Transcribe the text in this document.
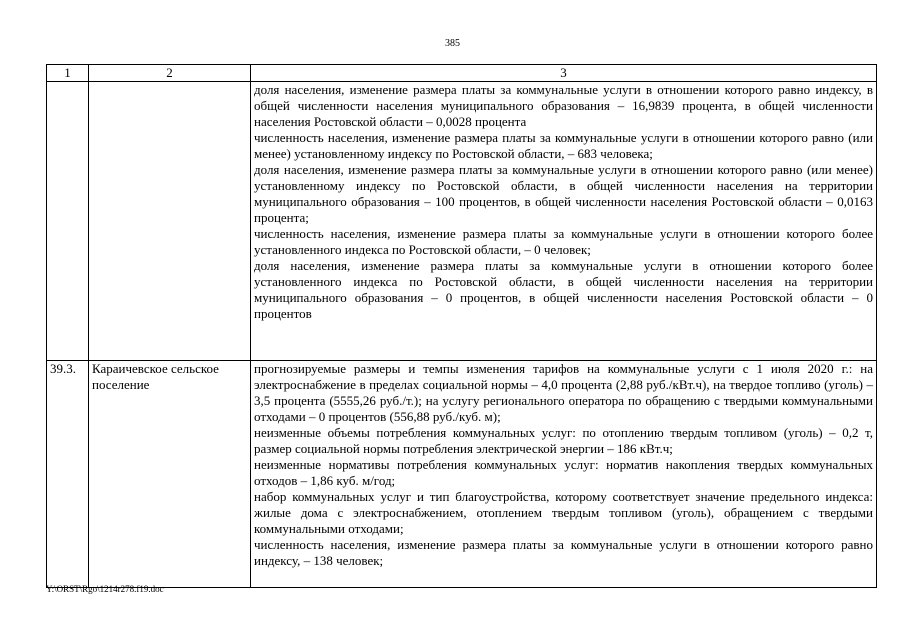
385
1	2	3

		доля населения, изменение размера платы за коммунальные услуги в отношении которого равно индексу, в общей численности населения муниципального образования – 16,9839 процента, в общей численности населения Ростовской области – 0,0028 процента
численность населения, изменение размера платы за коммунальные услуги в отношении которого равно (или менее) установленному индексу по Ростовской области, – 683 человека;
доля населения, изменение размера платы за коммунальные услуги в отношении которого равно (или менее) установленному индексу по Ростовской области, в общей численности населения на территории муниципального образования – 100 процентов, в общей численности населения Ростовской области – 0,0163 процента;
численность населения, изменение размера платы за коммунальные услуги в отношении которого более установленного индекса по Ростовской области, – 0 человек;
доля населения, изменение размера платы за коммунальные услуги в отношении которого более установленного индекса по Ростовской области, в общей численности населения на территории муниципального образования – 0 процентов, в общей численности населения Ростовской области – 0 процентов

39.3.	Караичевское сельское поселение	прогнозируемые размеры и темпы изменения тарифов на коммунальные услуги с 1 июля 2020 г.: на электроснабжение в пределах социальной нормы – 4,0 процента (2,88 руб./кВт.ч), на твердое топливо (уголь) – 3,5 процента (5555,26 руб./т.); на услугу регионального оператора по обращению с твердыми коммунальными отходами – 0 процентов (556,88 руб./куб. м);
неизменные объемы потребления коммунальных услуг: по отоплению твердым топливом (уголь) – 0,2 т, размер социальной нормы потребления электрической энергии – 186 кВт.ч;
неизменные нормативы потребления коммунальных услуг: норматив накопления твердых коммунальных отходов – 1,86 куб. м/год;
набор коммунальных услуг и тип благоустройства, которому соответствует значение предельного индекса: жилые дома с электроснабжением, отоплением твердым топливом (уголь), обращением с твердыми коммунальными отходами;
численность населения, изменение размера платы за коммунальные услуги в отношении которого равно индексу, – 138 человек;
Y:\ORST\Rgo\1214r278.f19.doc
